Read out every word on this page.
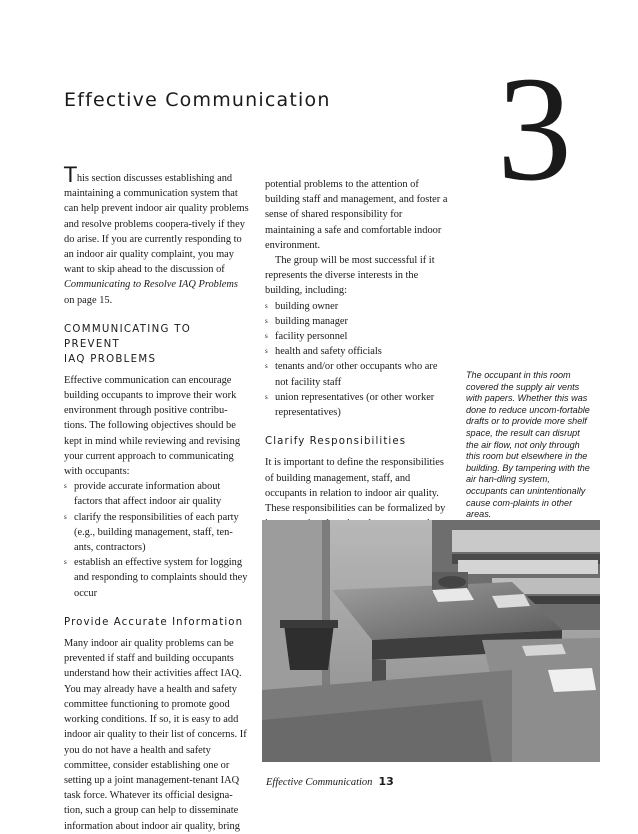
Effective Communication 3

This section discusses establishing and maintaining a communication system that can help prevent indoor air quality problems and resolve problems coopera-tively if they do arise. If you are currently responding to an indoor air quality complaint, you may want to skip ahead to the discussion of Communicating to Resolve IAQ Problems on page 15.

COMMUNICATING TO PREVENT
IAQ PROBLEMS

Effective communication can encourage building occupants to improve their work environment through positive contribu-tions. The following objectives should be kept in mind while reviewing and revising your current approach to communicating with occupants:

s provide accurate information about factors that affect indoor air quality
s clarify the responsibilities of each party (e.g., building management, staff, ten-ants, contractors)
s establish an effective system for logging and responding to complaints should they occur
Provide Accurate Information

Many indoor air quality problems can be prevented if staff and building occupants understand how their activities affect IAQ. You may already have a health and safety committee functioning to promote good working conditions. If so, it is easy to add indoor air quality to their list of concerns. If you do not have a health and safety committee, consider establishing one or setting up a joint management-tenant IAQ task force. Whatever its official designa-tion, such a group can help to disseminate information about indoor air quality, bring

potential problems to the attention of building staff and management, and foster a sense of shared responsibility for maintaining a safe and comfortable indoor environment.

The group will be most successful if it represents the diverse interests in the building, including:

s building owner
s building manager
s facility personnel
s health and safety officials
s tenants and/or other occupants who are not facility staff
s union representatives (or other worker representatives)
Clarify Responsibilities

It is important to define the responsibilities of building management, staff, and occupants in relation to indoor air quality. These responsibilities can be formalized by

The occupant in this room covered the supply air vents with papers. Whether this was done to reduce uncom-fortable drafts or to provide more shelf space, the result can disrupt the air flow, not only through this room but elsewhere in the building. By tampering with the air han-dling system, occupants can unintentionally cause com-plaints in other areas.
Effective Communication 13
